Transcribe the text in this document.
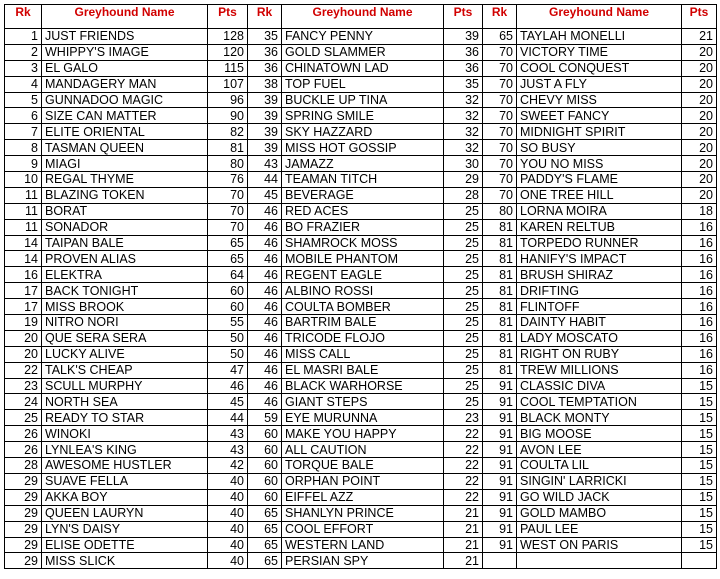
Rk	Greyhound Name	Pts	Rk	Greyhound Name	Pts	Rk	Greyhound Name	Pts
1	JUST FRIENDS	128	35	FANCY PENNY	39	65	TAYLAH MONELLI	21
2	WHIPPY'S IMAGE	120	36	GOLD SLAMMER	36	70	VICTORY TIME	20
3	EL GALO	115	36	CHINATOWN LAD	36	70	COOL CONQUEST	20
4	MANDAGERY MAN	107	38	TOP FUEL	35	70	JUST A FLY	20
5	GUNNADOO MAGIC	96	39	BUCKLE UP TINA	32	70	CHEVY MISS	20
6	SIZE CAN MATTER	90	39	SPRING SMILE	32	70	SWEET FANCY	20
7	ELITE ORIENTAL	82	39	SKY HAZZARD	32	70	MIDNIGHT SPIRIT	20
8	TASMAN QUEEN	81	39	MISS HOT GOSSIP	32	70	SO BUSY	20
9	MIAGI	80	43	JAMAZZ	30	70	YOU NO MISS	20
10	REGAL THYME	76	44	TEAMAN TITCH	29	70	PADDY'S FLAME	20
11	BLAZING TOKEN	70	45	BEVERAGE	28	70	ONE TREE HILL	20
11	BORAT	70	46	RED ACES	25	80	LORNA MOIRA	18
11	SONADOR	70	46	BO FRAZIER	25	81	KAREN RELTUB	16
14	TAIPAN BALE	65	46	SHAMROCK MOSS	25	81	TORPEDO RUNNER	16
14	PROVEN ALIAS	65	46	MOBILE PHANTOM	25	81	HANIFY'S IMPACT	16
16	ELEKTRA	64	46	REGENT EAGLE	25	81	BRUSH SHIRAZ	16
17	BACK TONIGHT	60	46	ALBINO ROSSI	25	81	DRIFTING	16
17	MISS BROOK	60	46	COULTA BOMBER	25	81	FLINTOFF	16
19	NITRO NORI	55	46	BARTRIM BALE	25	81	DAINTY HABIT	16
20	QUE SERA SERA	50	46	TRICODE FLOJO	25	81	LADY MOSCATO	16
20	LUCKY ALIVE	50	46	MISS CALL	25	81	RIGHT ON RUBY	16
22	TALK'S CHEAP	47	46	EL MASRI BALE	25	81	TREW MILLIONS	16
23	SCULL MURPHY	46	46	BLACK WARHORSE	25	91	CLASSIC DIVA	15
24	NORTH SEA	45	46	GIANT STEPS	25	91	COOL TEMPTATION	15
25	READY TO STAR	44	59	EYE MURUNNA	23	91	BLACK MONTY	15
26	WINOKI	43	60	MAKE YOU HAPPY	22	91	BIG MOOSE	15
26	LYNLEA'S KING	43	60	ALL CAUTION	22	91	AVON LEE	15
28	AWESOME HUSTLER	42	60	TORQUE BALE	22	91	COULTA LIL	15
29	SUAVE FELLA	40	60	ORPHAN POINT	22	91	SINGIN' LARRICKI	15
29	AKKA BOY	40	60	EIFFEL AZZ	22	91	GO WILD JACK	15
29	QUEEN LAURYN	40	65	SHANLYN PRINCE	21	91	GOLD MAMBO	15
29	LYN'S DAISY	40	65	COOL EFFORT	21	91	PAUL LEE	15
29	ELISE ODETTE	40	65	WESTERN LAND	21	91	WEST ON PARIS	15
29	MISS SLICK	40	65	PERSIAN SPY	21			
